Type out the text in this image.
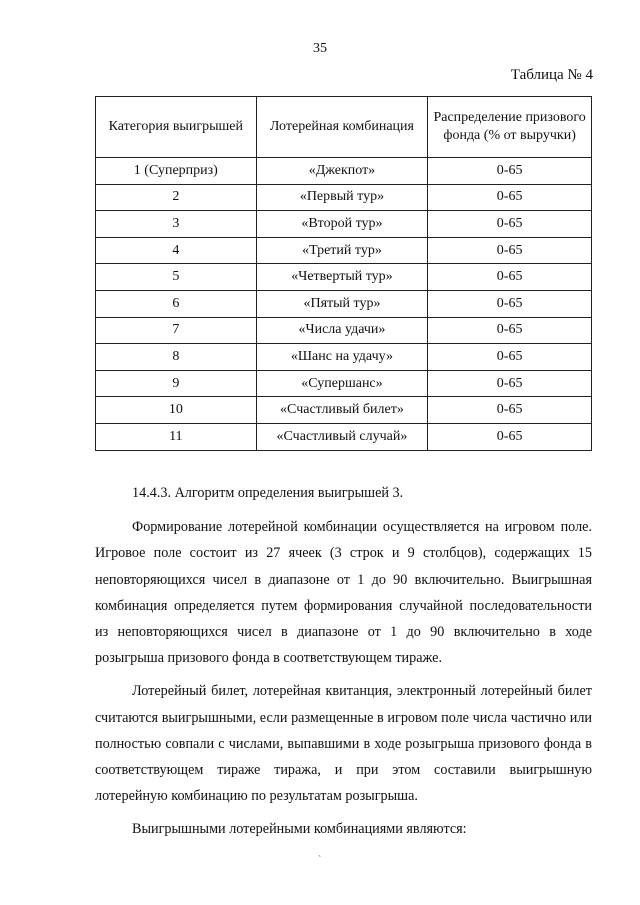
35
Таблица № 4
Категория выигрышей	Лотерейная комбинация	Распределение призового фонда (% от выручки)
1 (Суперприз)	«Джекпот»	0-65
2	«Первый тур»	0-65
3	«Второй тур»	0-65
4	«Третий тур»	0-65
5	«Четвертый тур»	0-65
6	«Пятый тур»	0-65
7	«Числа удачи»	0-65
8	«Шанс на удачу»	0-65
9	«Супершанс»	0-65
10	«Счастливый билет»	0-65
11	«Счастливый случай»	0-65

14.4.3. Алгоритм определения выигрышей 3.

Формирование лотерейной комбинации осуществляется на игровом поле. Игровое поле состоит из 27 ячеек (3 строк и 9 столбцов), содержащих 15 неповторяющихся чисел в диапазоне от 1 до 90 включительно. Выигрышная комбинация определяется путем формирования случайной последовательности из неповторяющихся чисел в диапазоне от 1 до 90 включительно в ходе розыгрыша призового фонда в соответствующем тираже.

Лотерейный билет, лотерейная квитанция, электронный лотерейный билет считаются выигрышными, если размещенные в игровом поле числа частично или полностью совпали с числами, выпавшими в ходе розыгрыша призового фонда в соответствующем тираже тиража, и при этом составили выигрышную лотерейную комбинацию по результатам розыгрыша.

Выигрышными лотерейными комбинациями являются:

ˋ
